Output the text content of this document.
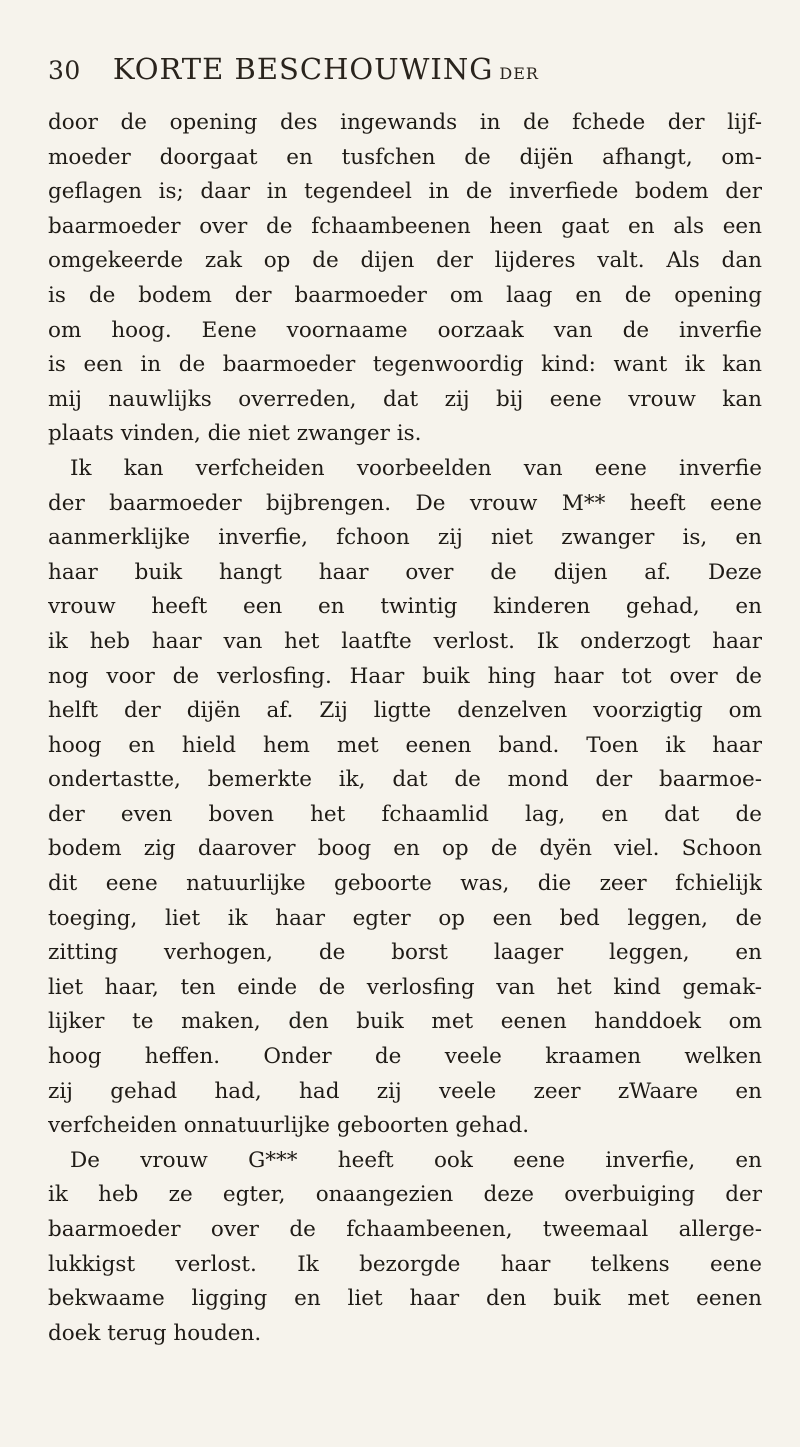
30 KORTE BESCHOUWING DER
door de opening des ingewands in de fchede der lijf-
moeder doorgaat en tusfchen de dijën afhangt, om-
geflagen is; daar in tegendeel in de inverfiede bodem der
baarmoeder over de fchaambeenen heen gaat en als een
omgekeerde zak op de dijen der lijderes valt. Als dan
is de bodem der baarmoeder om laag en de opening
om hoog. Eene voornaame oorzaak van de inverfie
is een in de baarmoeder tegenwoordig kind: want ik kan
mij nauwlijks overreden, dat zij bij eene vrouw kan
plaats vinden, die niet zwanger is.
Ik kan verfcheiden voorbeelden van eene inverfie
der baarmoeder bijbrengen. De vrouw M** heeft eene
aanmerklijke inverfie, fchoon zij niet zwanger is, en
haar buik hangt haar over de dijen af. Deze
vrouw heeft een en twintig kinderen gehad, en
ik heb haar van het laatfte verlost. Ik onderzogt haar
nog voor de verlosfing. Haar buik hing haar tot over de
helft der dijën af. Zij ligtte denzelven voorzigtig om
hoog en hield hem met eenen band. Toen ik haar
ondertastte, bemerkte ik, dat de mond der baarmoe-
der even boven het fchaamlid lag, en dat de
bodem zig daarover boog en op de dyën viel. Schoon
dit eene natuurlijke geboorte was, die zeer fchielijk
toeging, liet ik haar egter op een bed leggen, de
zitting verhogen, de borst laager leggen, en
liet haar, ten einde de verlosfing van het kind gemak-
lijker te maken, den buik met eenen handdoek om
hoog heffen. Onder de veele kraamen welken
zij gehad had, had zij veele zeer zWaare en
verfcheiden onnatuurlijke geboorten gehad.
De vrouw G*** heeft ook eene inverfie, en
ik heb ze egter, onaangezien deze overbuiging der
baarmoeder over de fchaambeenen, tweemaal allerge-
lukkigst verlost. Ik bezorgde haar telkens eene
bekwaame ligging en liet haar den buik met eenen
doek terug houden.
